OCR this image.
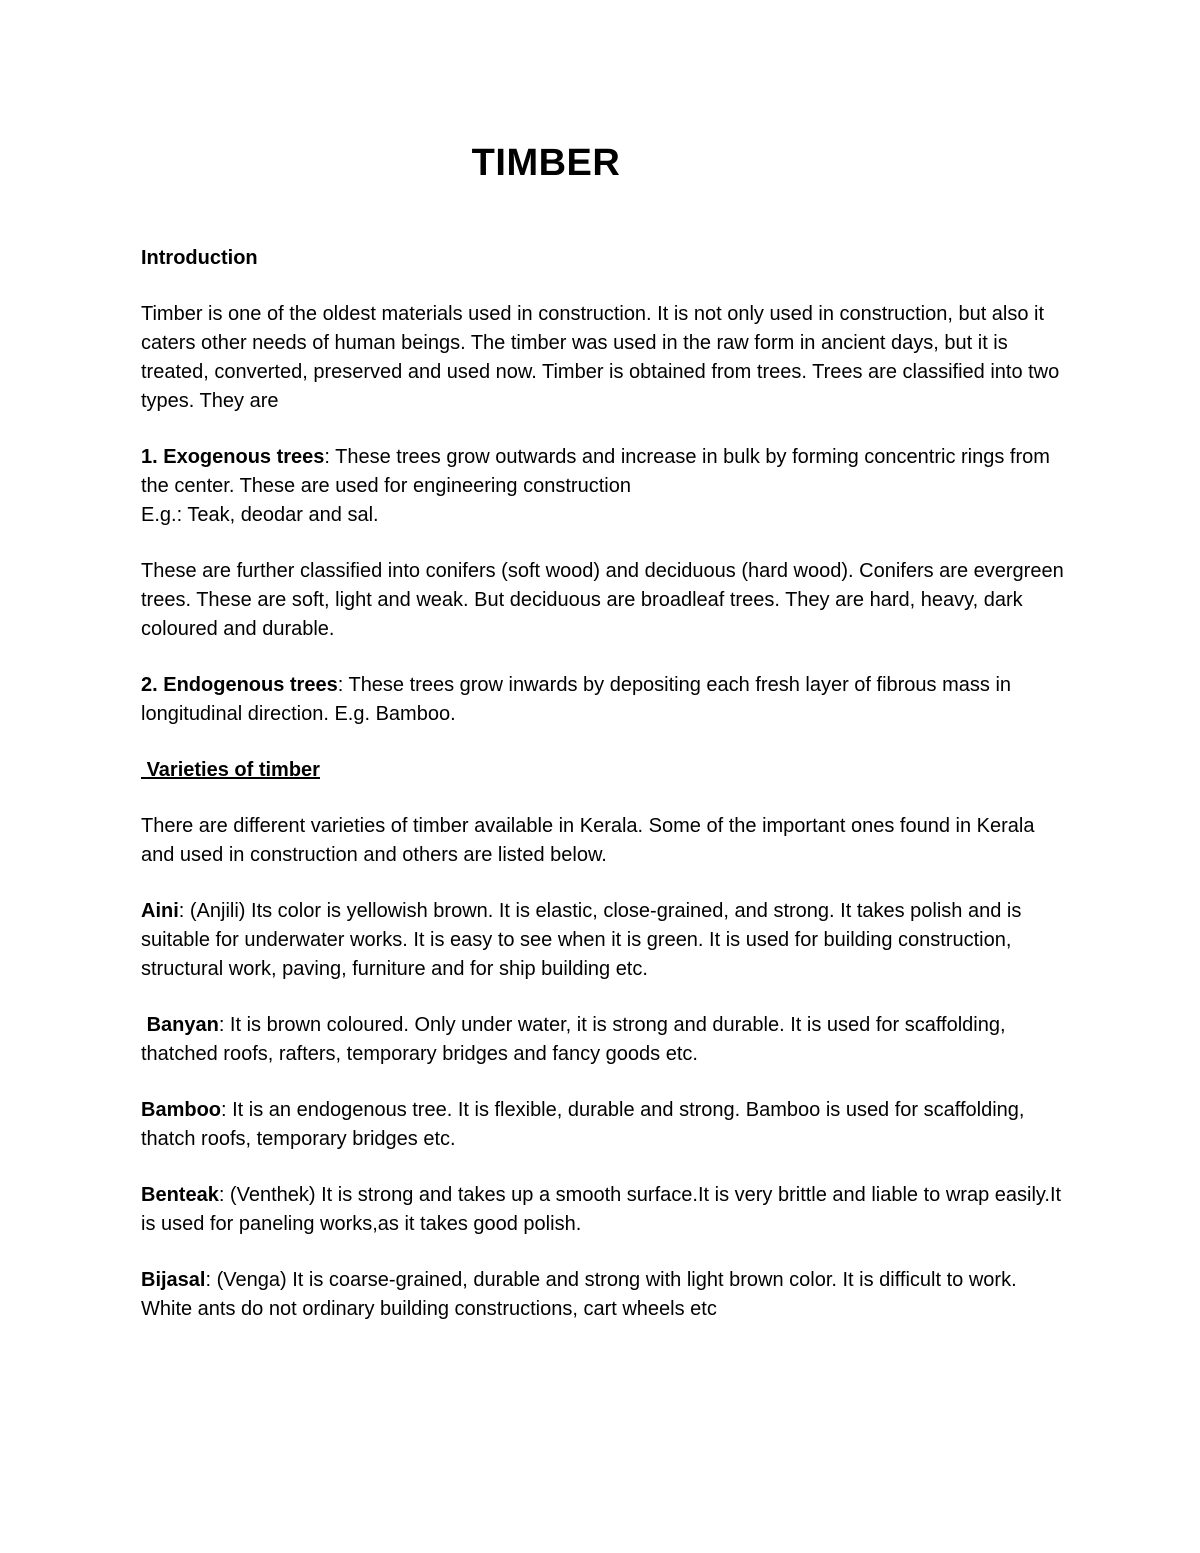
TIMBER

Introduction

Timber is one of the oldest materials used in construction. It is not only used in construction, but also it caters other needs of human beings. The timber was used in the raw form in ancient days, but it is treated, converted, preserved and used now. Timber is obtained from trees. Trees are classified into two types. They are

1. Exogenous trees: These trees grow outwards and increase in bulk by forming concentric rings from the center. These are used for engineering construction

E.g.: Teak, deodar and sal.

These are further classified into conifers (soft wood) and deciduous (hard wood). Conifers are evergreen trees. These are soft, light and weak. But deciduous are broadleaf trees. They are hard, heavy, dark coloured and durable.

2. Endogenous trees: These trees grow inwards by depositing each fresh layer of fibrous mass in longitudinal direction. E.g. Bamboo.

Varieties of timber

There are different varieties of timber available in Kerala. Some of the important ones found in Kerala and used in construction and others are listed below.

Aini: (Anjili) Its color is yellowish brown. It is elastic, close-grained, and strong. It takes polish and is suitable for underwater works. It is easy to see when it is green. It is used for building construction, structural work, paving, furniture and for ship building etc.

Banyan: It is brown coloured. Only under water, it is strong and durable. It is used for scaffolding, thatched roofs, rafters, temporary bridges and fancy goods etc.

Bamboo: It is an endogenous tree. It is flexible, durable and strong. Bamboo is used for scaffolding, thatch roofs, temporary bridges etc.

Benteak: (Venthek) It is strong and takes up a smooth surface.It is very brittle and liable to wrap easily.It is used for paneling works,as it takes good polish.

Bijasal: (Venga) It is coarse-grained, durable and strong with light brown color. It is difficult to work. White ants do not ordinary building constructions, cart wheels etc
